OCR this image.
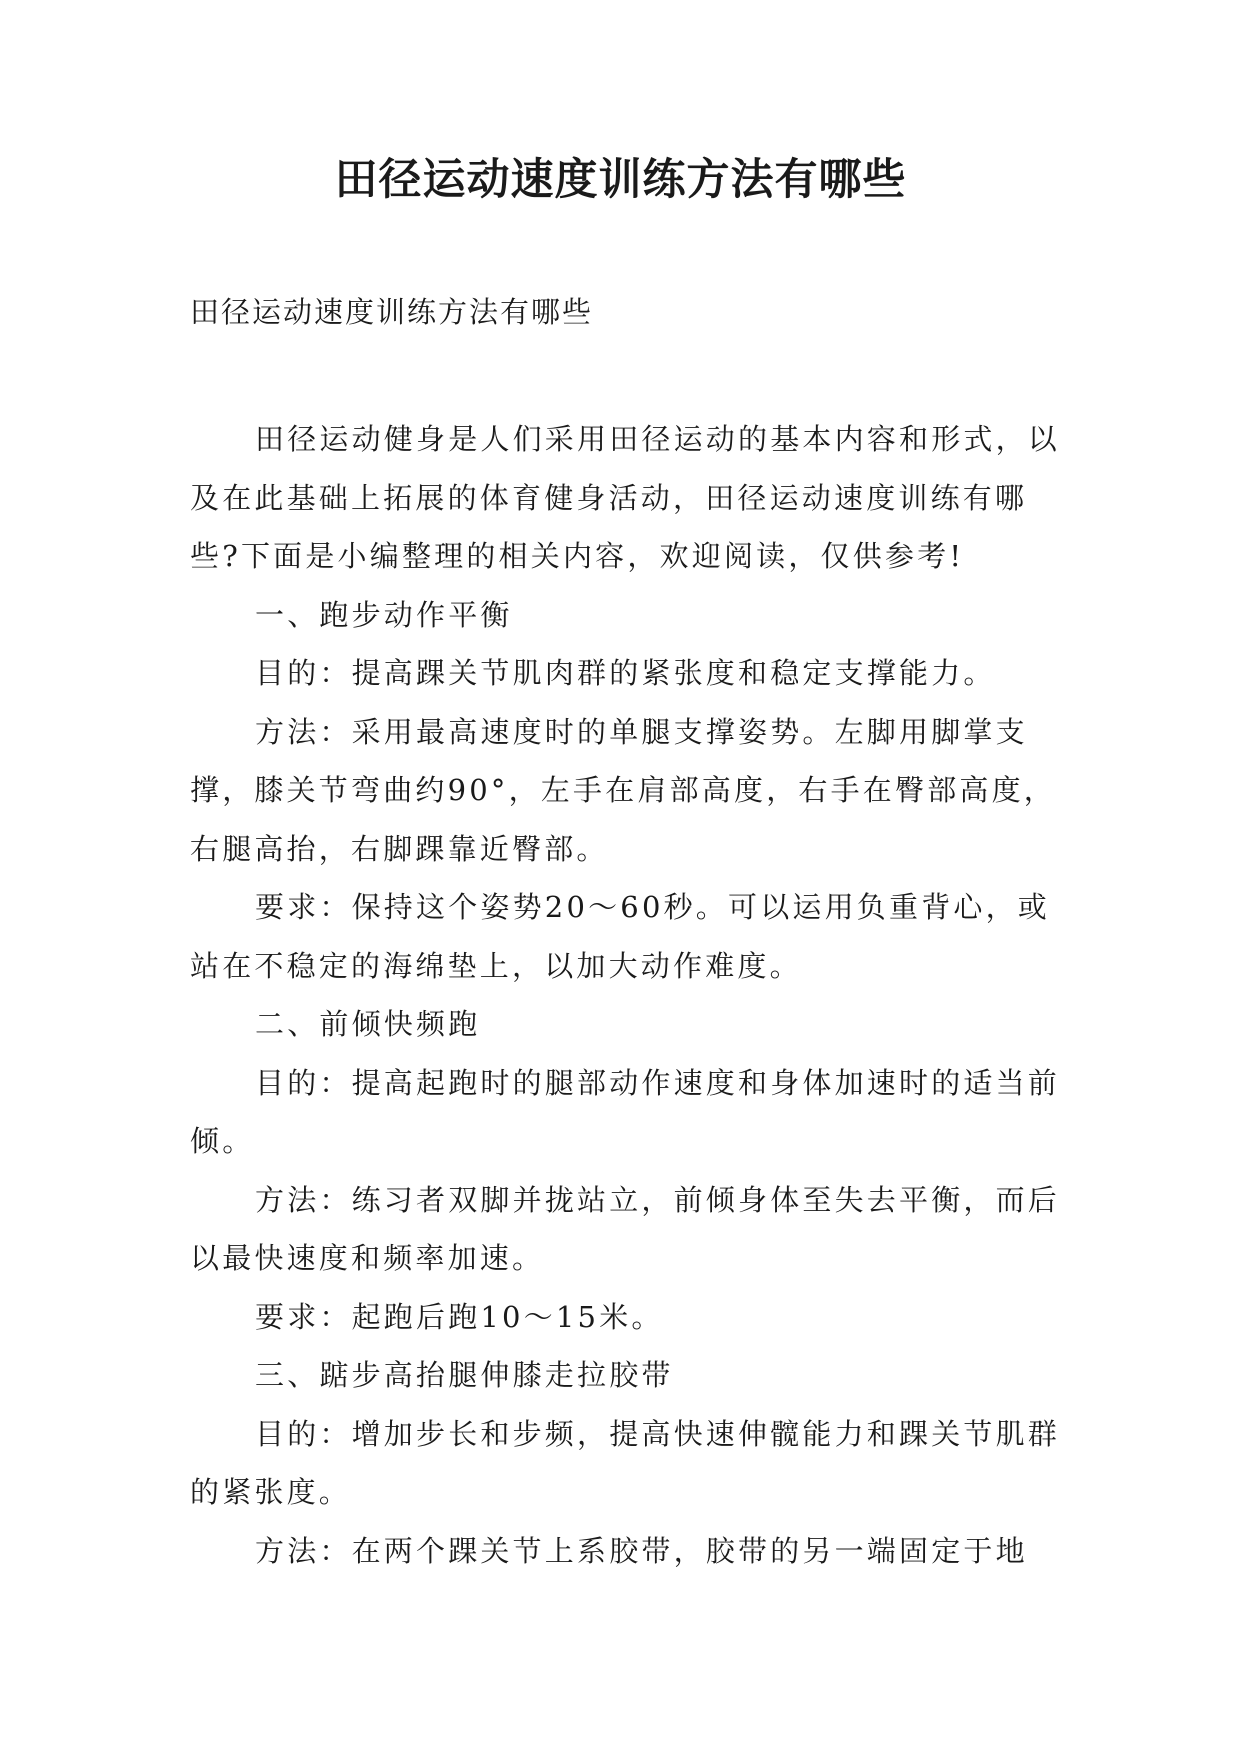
田径运动速度训练方法有哪些

田径运动速度训练方法有哪些

田径运动健身是人们采用田径运动的基本内容和形式，以及在此基础上拓展的体育健身活动，田径运动速度训练有哪些?下面是小编整理的相关内容，欢迎阅读，仅供参考!

一、跑步动作平衡

目的：提高踝关节肌肉群的紧张度和稳定支撑能力。

方法：采用最高速度时的单腿支撑姿势。左脚用脚掌支撑，膝关节弯曲约90°，左手在肩部高度，右手在臀部高度，右腿高抬，右脚踝靠近臀部。

要求：保持这个姿势20～60秒。可以运用负重背心，或站在不稳定的海绵垫上，以加大动作难度。

二、前倾快频跑

目的：提高起跑时的腿部动作速度和身体加速时的适当前倾。

方法：练习者双脚并拢站立，前倾身体至失去平衡，而后以最快速度和频率加速。

要求：起跑后跑10～15米。

三、踮步高抬腿伸膝走拉胶带

目的：增加步长和步频，提高快速伸髋能力和踝关节肌群的紧张度。

方法：在两个踝关节上系胶带，胶带的另一端固定于地
